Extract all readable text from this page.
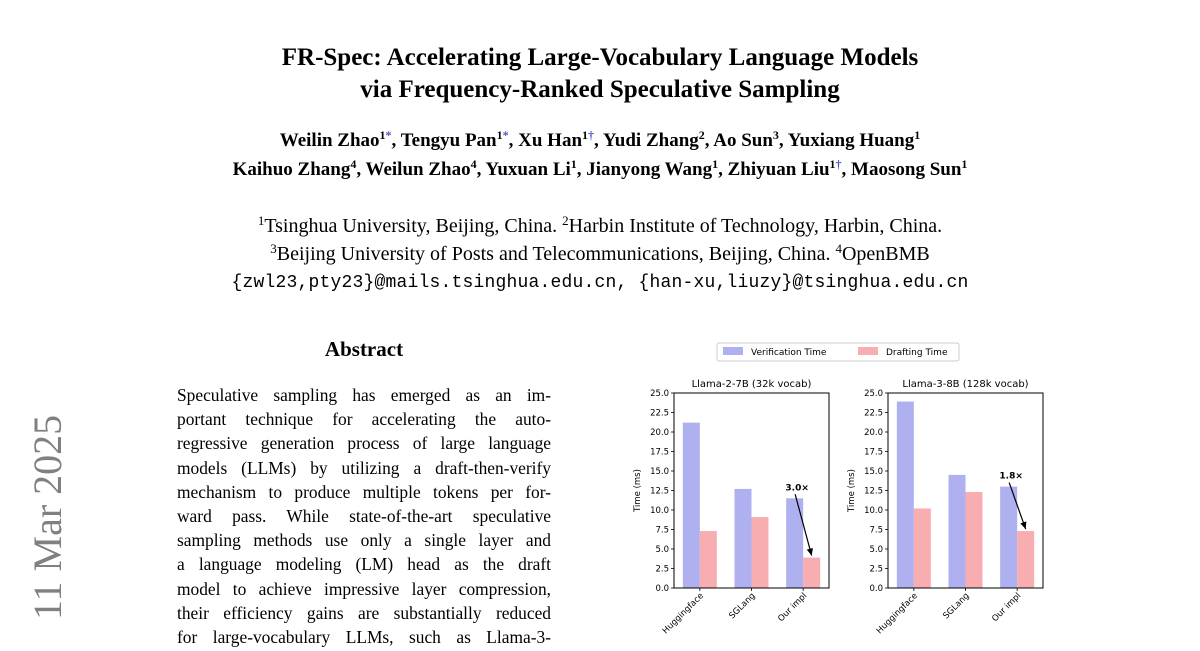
FR-Spec: Accelerating Large-Vocabulary Language Models
via Frequency-Ranked Speculative Sampling
Weilin Zhao$^{1*}$, Tengyu Pan$^{1*}$, Xu Han$^{1\dagger}$, Yudi Zhang$^2$, Ao Sun$^3$, Yuxiang Huang$^1$
Kaihuo Zhang$^4$, Weilun Zhao$^4$, Yuxuan Li$^1$, Jianyong Wang$^1$, Zhiyuan Liu$^{1\dagger}$, Maosong Sun$^1$
$^1$Tsinghua University, Beijing, China. $^2$Harbin Institute of Technology, Harbin, China.
$^3$Beijing University of Posts and Telecommunications, Beijing, China. $^4$OpenBMB
{zwl23,pty23}@mails.tsinghua.edu.cn, {han-xu,liuzy}@tsinghua.edu.cn
11 Mar 2025
Abstract
Speculative sampling has emerged as an im-
portant technique for accelerating the auto-
regressive generation process of large language
models (LLMs) by utilizing a draft-then-verify
mechanism to produce multiple tokens per for-
ward pass. While state-of-the-art speculative
sampling methods use only a single layer and
a language modeling (LM) head as the draft
model to achieve impressive layer compression,
their efficiency gains are substantially reduced
for large-vocabulary LLMs, such as Llama-3-
Verification Time	Drafting Time
Llama-2-7B (32k vocab)
Huggingface	SGLang Our impl
0.0
2.5
5.0
7.5
10.0
12.5
15.0
17.5
20.0
22.5
25.0
Time (ms)	3.0×
Llama-3-8B (128k vocab)
Huggingface	SGLang Our impl
0.0
2.5
5.0
7.5
10.0
12.5
15.0
17.5
20.0
22.5
25.0
Time (ms)	1.8×
